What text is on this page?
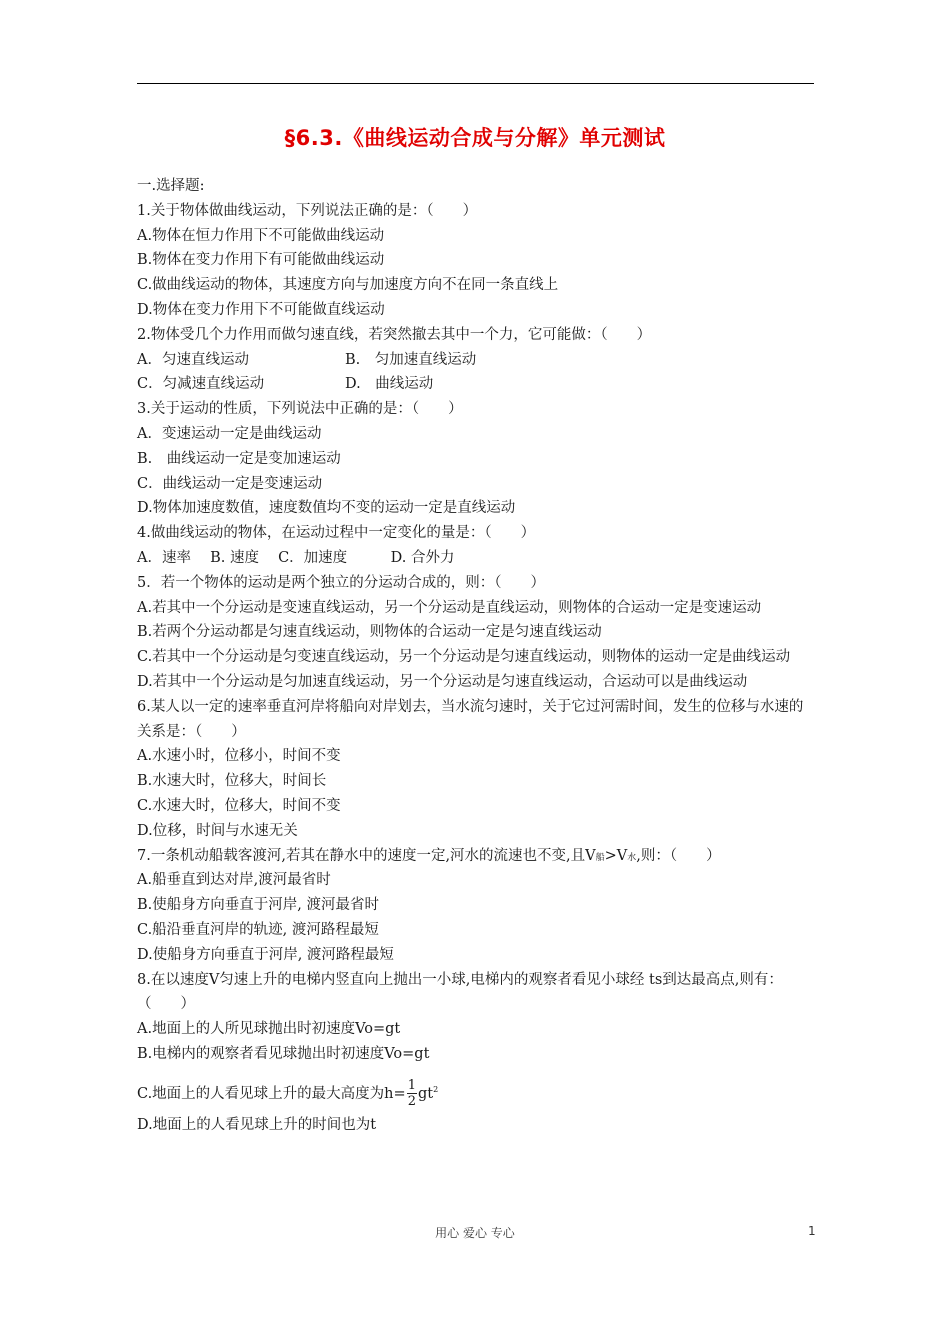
§6.3.《曲线运动合成与分解》单元测试
一.选择题:
1.关于物体做曲线运动，下列说法正确的是：（　　）
A.物体在恒力作用下不可能做曲线运动
B.物体在变力作用下有可能做曲线运动
C.做曲线运动的物体，其速度方向与加速度方向不在同一条直线上
D.物体在变力作用下不可能做直线运动
2.物体受几个力作用而做匀速直线，若突然撤去其中一个力，它可能做：（　　）
A．匀速直线运动	B.　匀加速直线运动
C．匀减速直线运动	D.　曲线运动
3.关于运动的性质，下列说法中正确的是：（　　）
A．变速运动一定是曲线运动
B.　曲线运动一定是变加速运动
C．曲线运动一定是变速运动
D.物体加速度数值，速度数值均不变的运动一定是直线运动
4.做曲线运动的物体，在运动过程中一定变化的量是：（　　）
A．速率　 B. 速度　 C．加速度　　　D. 合外力
5．若一个物体的运动是两个独立的分运动合成的，则：（　　）
A.若其中一个分运动是变速直线运动，另一个分运动是直线运动，则物体的合运动一定是变速运动
B.若两个分运动都是匀速直线运动，则物体的合运动一定是匀速直线运动
C.若其中一个分运动是匀变速直线运动，另一个分运动是匀速直线运动，则物体的运动一定是曲线运动
D.若其中一个分运动是匀加速直线运动，另一个分运动是匀速直线运动，合运动可以是曲线运动
6.某人以一定的速率垂直河岸将船向对岸划去，当水流匀速时，关于它过河需时间，发生的位移与水速的关系是：（　　）
A.水速小时，位移小，时间不变
B.水速大时，位移大，时间长
C.水速大时，位移大，时间不变
D.位移，时间与水速无关
7.一条机动船载客渡河,若其在静水中的速度一定,河水的流速也不变,且V船>V水,则：（　　）
A.船垂直到达对岸,渡河最省时
B.使船身方向垂直于河岸, 渡河最省时
C.船沿垂直河岸的轨迹, 渡河路程最短
D.使船身方向垂直于河岸, 渡河路程最短
8.在以速度V匀速上升的电梯内竖直向上抛出一小球,电梯内的观察者看见小球经 ts到达最高点,则有：（　　）
A.地面上的人所见球抛出时初速度Vo=gt
B.电梯内的观察者看见球抛出时初速度Vo=gt
C.地面上的人看见球上升的最大高度为$h= \frac{1}{2} gt^2$
D.地面上的人看见球上升的时间也为t
用心 爱心 专心	1
